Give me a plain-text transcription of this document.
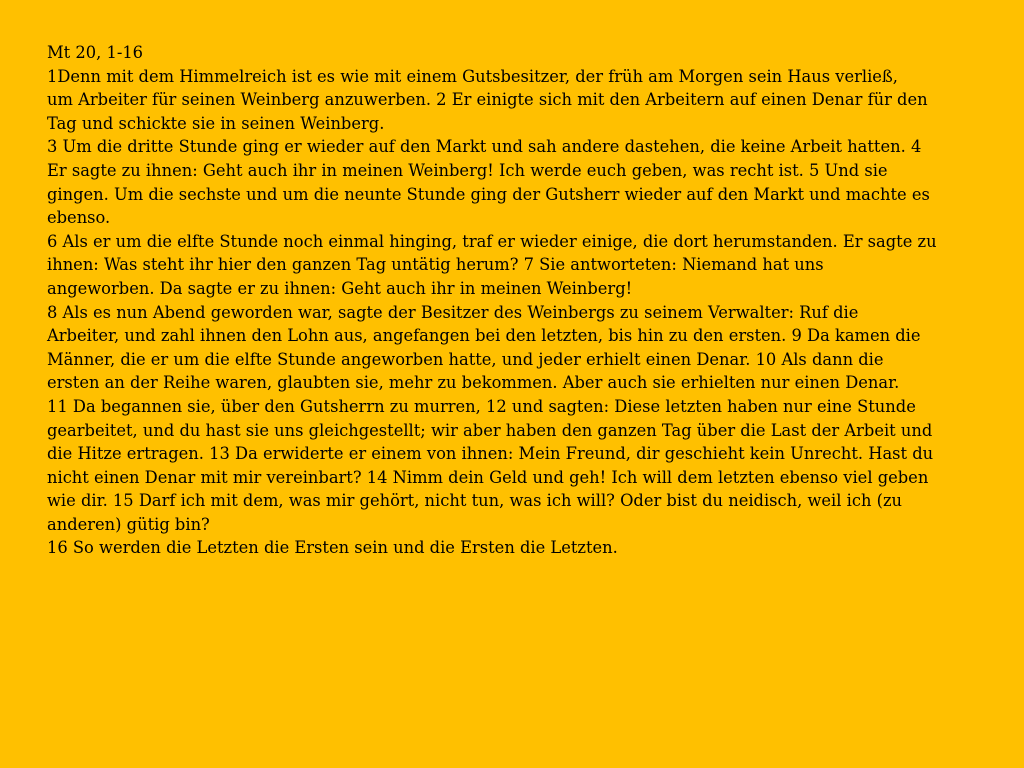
Mt 20, 1-16

1Denn mit dem Himmelreich ist es wie mit einem Gutsbesitzer, der früh am Morgen sein Haus verließ,

um Arbeiter für seinen Weinberg anzuwerben. 2 Er einigte sich mit den Arbeitern auf einen Denar für den

Tag und schickte sie in seinen Weinberg.

3 Um die dritte Stunde ging er wieder auf den Markt und sah andere dastehen, die keine Arbeit hatten. 4

Er sagte zu ihnen: Geht auch ihr in meinen Weinberg! Ich werde euch geben, was recht ist. 5 Und sie

gingen. Um die sechste und um die neunte Stunde ging der Gutsherr wieder auf den Markt und machte es

ebenso.

6 Als er um die elfte Stunde noch einmal hinging, traf er wieder einige, die dort herumstanden. Er sagte zu

ihnen: Was steht ihr hier den ganzen Tag untätig herum? 7 Sie antworteten: Niemand hat uns

angeworben. Da sagte er zu ihnen: Geht auch ihr in meinen Weinberg!

8 Als es nun Abend geworden war, sagte der Besitzer des Weinbergs zu seinem Verwalter: Ruf die

Arbeiter, und zahl ihnen den Lohn aus, angefangen bei den letzten, bis hin zu den ersten. 9 Da kamen die

Männer, die er um die elfte Stunde angeworben hatte, und jeder erhielt einen Denar. 10 Als dann die

ersten an der Reihe waren, glaubten sie, mehr zu bekommen. Aber auch sie erhielten nur einen Denar.

11 Da begannen sie, über den Gutsherrn zu murren, 12 und sagten: Diese letzten haben nur eine Stunde

gearbeitet, und du hast sie uns gleichgestellt; wir aber haben den ganzen Tag über die Last der Arbeit und

die Hitze ertragen. 13 Da erwiderte er einem von ihnen: Mein Freund, dir geschieht kein Unrecht. Hast du

nicht einen Denar mit mir vereinbart? 14 Nimm dein Geld und geh! Ich will dem letzten ebenso viel geben

wie dir. 15 Darf ich mit dem, was mir gehört, nicht tun, was ich will? Oder bist du neidisch, weil ich (zu

anderen) gütig bin?

16 So werden die Letzten die Ersten sein und die Ersten die Letzten.
